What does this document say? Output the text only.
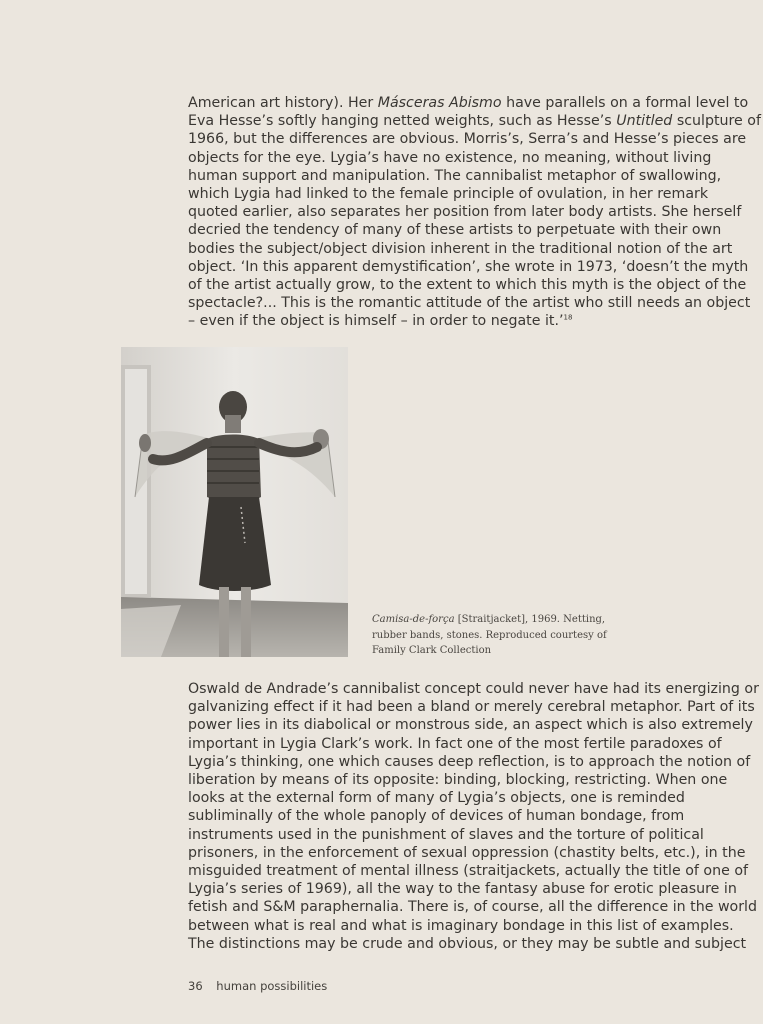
American art history). Her Másceras Abismo have parallels on a formal level to
Eva Hesse’s softly hanging netted weights, such as Hesse’s Untitled sculpture of
1966, but the differences are obvious. Morris’s, Serra’s and Hesse’s pieces are
objects for the eye. Lygia’s have no existence, no meaning, without living
human support and manipulation. The cannibalist metaphor of swallowing,
which Lygia had linked to the female principle of ovulation, in her remark
quoted earlier, also separates her position from later body artists. She herself
decried the tendency of many of these artists to perpetuate with their own
bodies the subject/object division inherent in the traditional notion of the art
object. ‘In this apparent demystification’, she wrote in 1973, ‘doesn’t the myth
of the artist actually grow, to the extent to which this myth is the object of the
spectacle?... This is the romantic attitude of the artist who still needs an object
– even if the object is himself – in order to negate it.’$^{18}$
Camisa-de-força [Straitjacket], 1969. Netting,
rubber bands, stones. Reproduced courtesy of
Family Clark Collection
Oswald de Andrade’s cannibalist concept could never have had its energizing or
galvanizing effect if it had been a bland or merely cerebral metaphor. Part of its
power lies in its diabolical or monstrous side, an aspect which is also extremely
important in Lygia Clark’s work. In fact one of the most fertile paradoxes of
Lygia’s thinking, one which causes deep reflection, is to approach the notion of
liberation by means of its opposite: binding, blocking, restricting. When one
looks at the external form of many of Lygia’s objects, one is reminded
subliminally of the whole panoply of devices of human bondage, from
instruments used in the punishment of slaves and the torture of political
prisoners, in the enforcement of sexual oppression (chastity belts, etc.), in the
misguided treatment of mental illness (straitjackets, actually the title of one of
Lygia’s series of 1969), all the way to the fantasy abuse for erotic pleasure in
fetish and S&M paraphernalia. There is, of course, all the difference in the world
between what is real and what is imaginary bondage in this list of examples.
The distinctions may be crude and obvious, or they may be subtle and subject
36 human possibilities
